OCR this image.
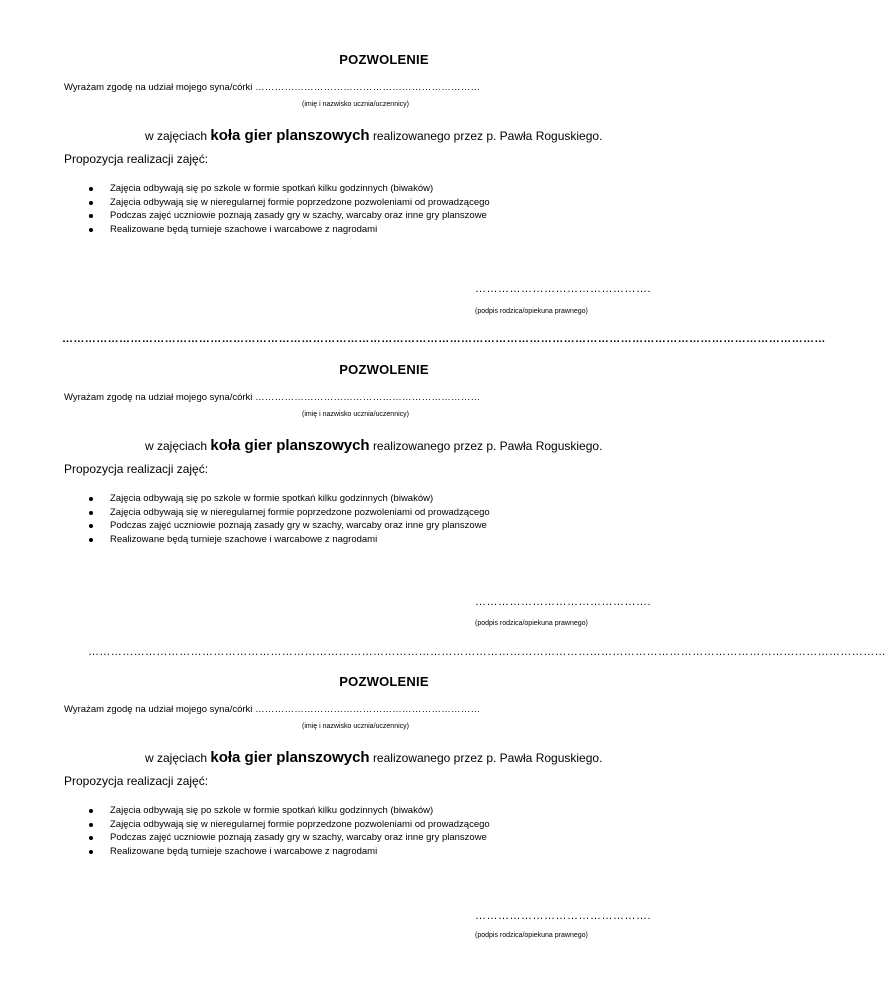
POZWOLENIE
Wyrażam zgodę na udział mojego syna/córki ……………………………………………………………
(imię i nazwisko ucznia/uczennicy)
w zajęciach koła gier planszowych realizowanego przez p. Pawła Roguskiego.
Propozycja realizacji zajęć:
Zajęcia odbywają się po szkole w formie spotkań kilku godzinnych (biwaków)
Zajęcia odbywają się w nieregularnej formie poprzedzone pozwoleniami od prowadzącego
Podczas zajęć uczniowie poznają zasady gry w szachy, warcaby oraz inne gry planszowe
Realizowane będą turnieje szachowe i warcabowe z nagrodami
POZWOLENIE
Wyrażam zgodę na udział mojego syna/córki ……………………………………………………………
(imię i nazwisko ucznia/uczennicy)
w zajęciach koła gier planszowych realizowanego przez p. Pawła Roguskiego.
Propozycja realizacji zajęć:
Zajęcia odbywają się po szkole w formie spotkań kilku godzinnych (biwaków)
Zajęcia odbywają się w nieregularnej formie poprzedzone pozwoleniami od prowadzącego
Podczas zajęć uczniowie poznają zasady gry w szachy, warcaby oraz inne gry planszowe
Realizowane będą turnieje szachowe i warcabowe z nagrodami
POZWOLENIE
Wyrażam zgodę na udział mojego syna/córki ……………………………………………………………
(imię i nazwisko ucznia/uczennicy)
w zajęciach koła gier planszowych realizowanego przez p. Pawła Roguskiego.
Propozycja realizacji zajęć:
Zajęcia odbywają się po szkole w formie spotkań kilku godzinnych (biwaków)
Zajęcia odbywają się w nieregularnej formie poprzedzone pozwoleniami od prowadzącego
Podczas zajęć uczniowie poznają zasady gry w szachy, warcaby oraz inne gry planszowe
Realizowane będą turnieje szachowe i warcabowe z nagrodami
……………………………………….
(podpis rodzica/opiekuna prawnego)
……………………………………….
(podpis rodzica/opiekuna prawnego)
……………………………………….
(podpis rodzica/opiekuna prawnego)
…………………………………………………………………………………………………………………………………………………………………………………
…………………………………………………………………………………………………………………………………………………………………………………………
